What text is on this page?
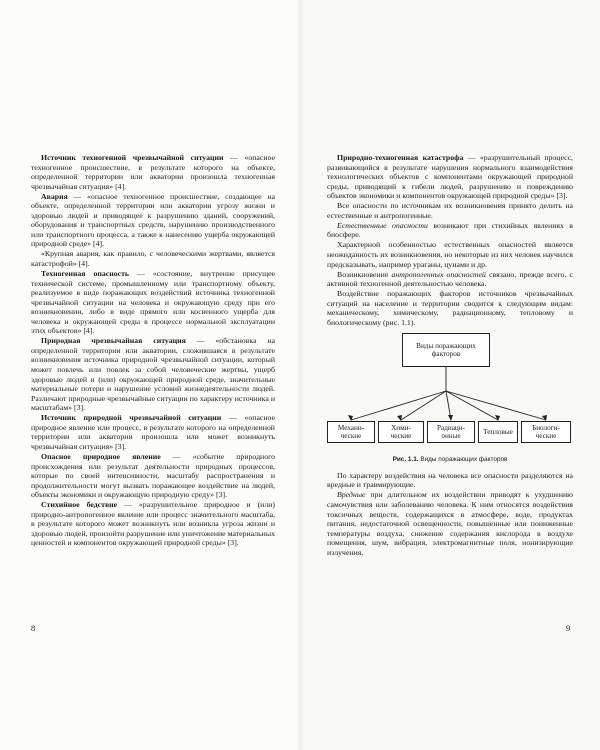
Источник техногенной чрезвычайной ситуации — «опасное техногенное происшествие, в результате которого на объекте, определенной территории или акватории произошла техногенная чрезвычайная ситуация» [4].

Авария — «опасное техногенное происшествие, создающее на объекте, определенной территории или акватории угрозу жизни и здоровью людей и приводящее к разрушению зданий, сооружений, оборудования и транспортных средств, нарушению производственного или транспортного процесса, а также к нанесению ущерба окружающей природной среде» [4].

«Крупная авария, как правило, с человеческими жертвами, является катастрофой» [4].

Техногенная опасность — «состояние, внутренне присущее технической системе, промышленному или транспортному объекту, реализуемое в виде поражающих воздействий источника техногенной чрезвычайной ситуации на человека и окружающую среду при его возникновении, либо в виде прямого или косвенного ущерба для человека и окружающей среды в процессе нормальной эксплуатации этих объектов» [4].

Природная чрезвычайная ситуация — «обстановка на определенной территории или акватории, сложившаяся в результате возникновения источника природной чрезвычайной ситуации, который может повлечь или повлек за собой человеческие жертвы, ущерб здоровью людей и (или) окружающей природной среде, значительные материальные потери и нарушение условий жизнедеятельности людей. Различают природные чрезвычайные ситуации по характеру источника и масштабам» [3].

Источник природной чрезвычайной ситуации — «опасное природное явление или процесс, в результате которого на определенной территории или акватории произошла или может возникнуть чрезвычайная ситуация» [3].

Опасное природное явление — «событие природного происхождения или результат деятельности природных процессов, которые по своей интенсивности, масштабу распространения и продолжительности могут вызвать поражающее воздействие на людей, объекты экономики и окружающую природную среду» [3].

Стихийное бедствие — «разрушительное природное и (или) природно-антропогенное явление или процесс значительного масштаба, в результате которого может возникнуть или возникла угроза жизни и здоровью людей, произойти разрушение или уничтожение материальных ценностей и компонентов окружающей природной среды» [3].

8

Природно-техногенная катастрофа — «разрушительный процесс, развивающийся в результате нарушения нормального взаимодействия технологических объектов с компонентами окружающей природной среды, приводящий к гибели людей, разрушению и повреждению объектов экономики и компонентов окружающей природной среды» [3].

Все опасности по источникам их возникновения принято делить на естественные и антропогенные.

Естественные опасности возникают при стихийных явлениях в биосфере.

Характерной особенностью естественных опасностей является неожиданность их возникновения, но некоторые из них человек научился предсказывать, например ураганы, цунами и др.

Возникновение антропогенных опасностей связано, прежде всего, с активной техногенной деятельностью человека.

Воздействие поражающих факторов источников чрезвычайных ситуаций на население и территории сводится к следующим видам: механическому, химическому, радиационному, тепловому и биологическому (рис. 1.1).

Виды поражающих факторов
Механи-
ческие
Хими-
ческие
Радиаци-
онные
Тепловые
Биологи-
ческие
Рис. 1.1. Виды поражающих факторов

По характеру воздействия на человека все опасности разделяются на вредные и травмирующие.

Вредные при длительном их воздействии приводят к ухудшению самочувствия или заболеванию человека. К ним относятся воздействия токсичных веществ, содержащихся в атмосфере, воде, продуктах питания, недостаточной освещенности, повышенные или пониженные температуры воздуха, снижение содержания кислорода в воздухе помещения, шум, вибрация, электромагнитные поля, ионизирующие излучения.

9
